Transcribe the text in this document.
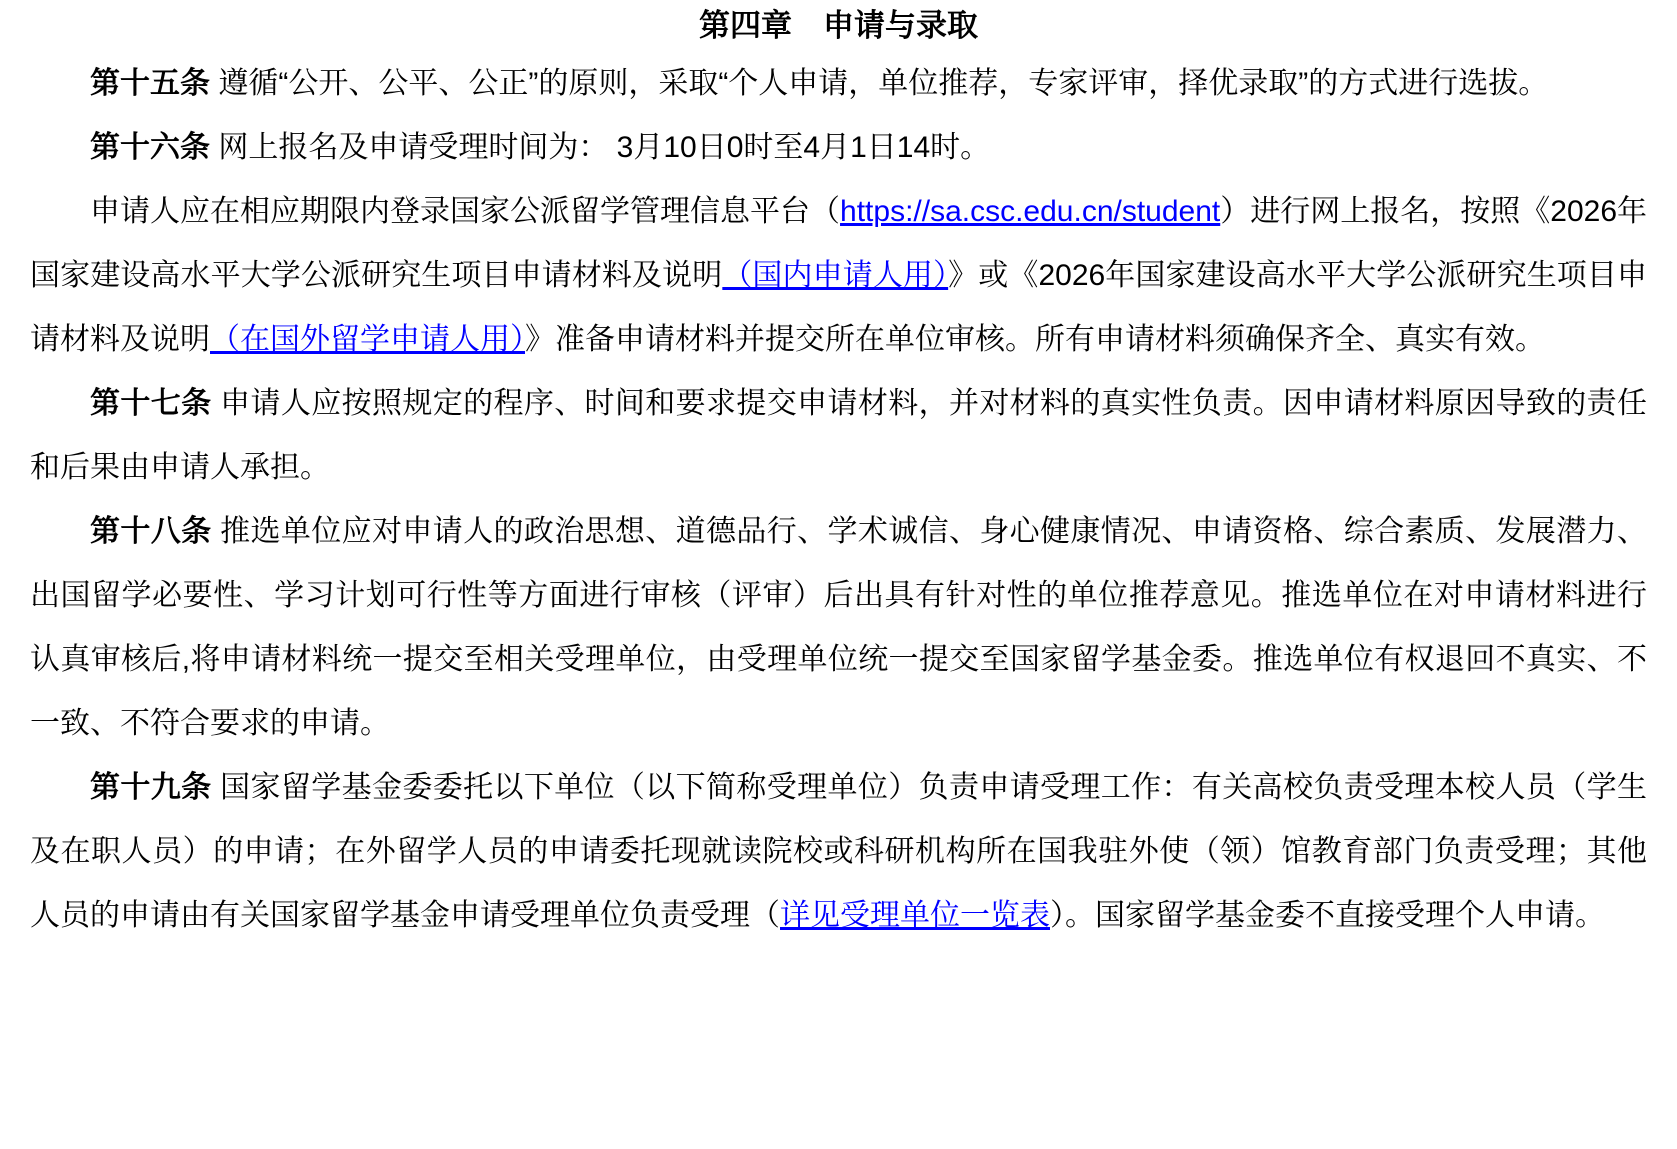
第四章　申请与录取

第十五条 遵循“公开、公平、公正”的原则，采取“个人申请，单位推荐，专家评审，择优录取”的方式进行选拔。

第十六条 网上报名及申请受理时间为： 3月10日0时至4月1日14时。

申请人应在相应期限内登录国家公派留学管理信息平台（https://sa.csc.edu.cn/student）进行网上报名，按照《2026年国家建设高水平大学公派研究生项目申请材料及说明（国内申请人用）》或《2026年国家建设高水平大学公派研究生项目申请材料及说明（在国外留学申请人用）》准备申请材料并提交所在单位审核。所有申请材料须确保齐全、真实有效。

第十七条 申请人应按照规定的程序、时间和要求提交申请材料，并对材料的真实性负责。因申请材料原因导致的责任和后果由申请人承担。

第十八条 推选单位应对申请人的政治思想、道德品行、学术诚信、身心健康情况、申请资格、综合素质、发展潜力、出国留学必要性、学习计划可行性等方面进行审核（评审）后出具有针对性的单位推荐意见。推选单位在对申请材料进行认真审核后,将申请材料统一提交至相关受理单位，由受理单位统一提交至国家留学基金委。推选单位有权退回不真实、不一致、不符合要求的申请。

第十九条 国家留学基金委委托以下单位（以下简称受理单位）负责申请受理工作：有关高校负责受理本校人员（学生及在职人员）的申请；在外留学人员的申请委托现就读院校或科研机构所在国我驻外使（领）馆教育部门负责受理；其他人员的申请由有关国家留学基金申请受理单位负责受理（详见受理单位一览表）。国家留学基金委不直接受理个人申请。
